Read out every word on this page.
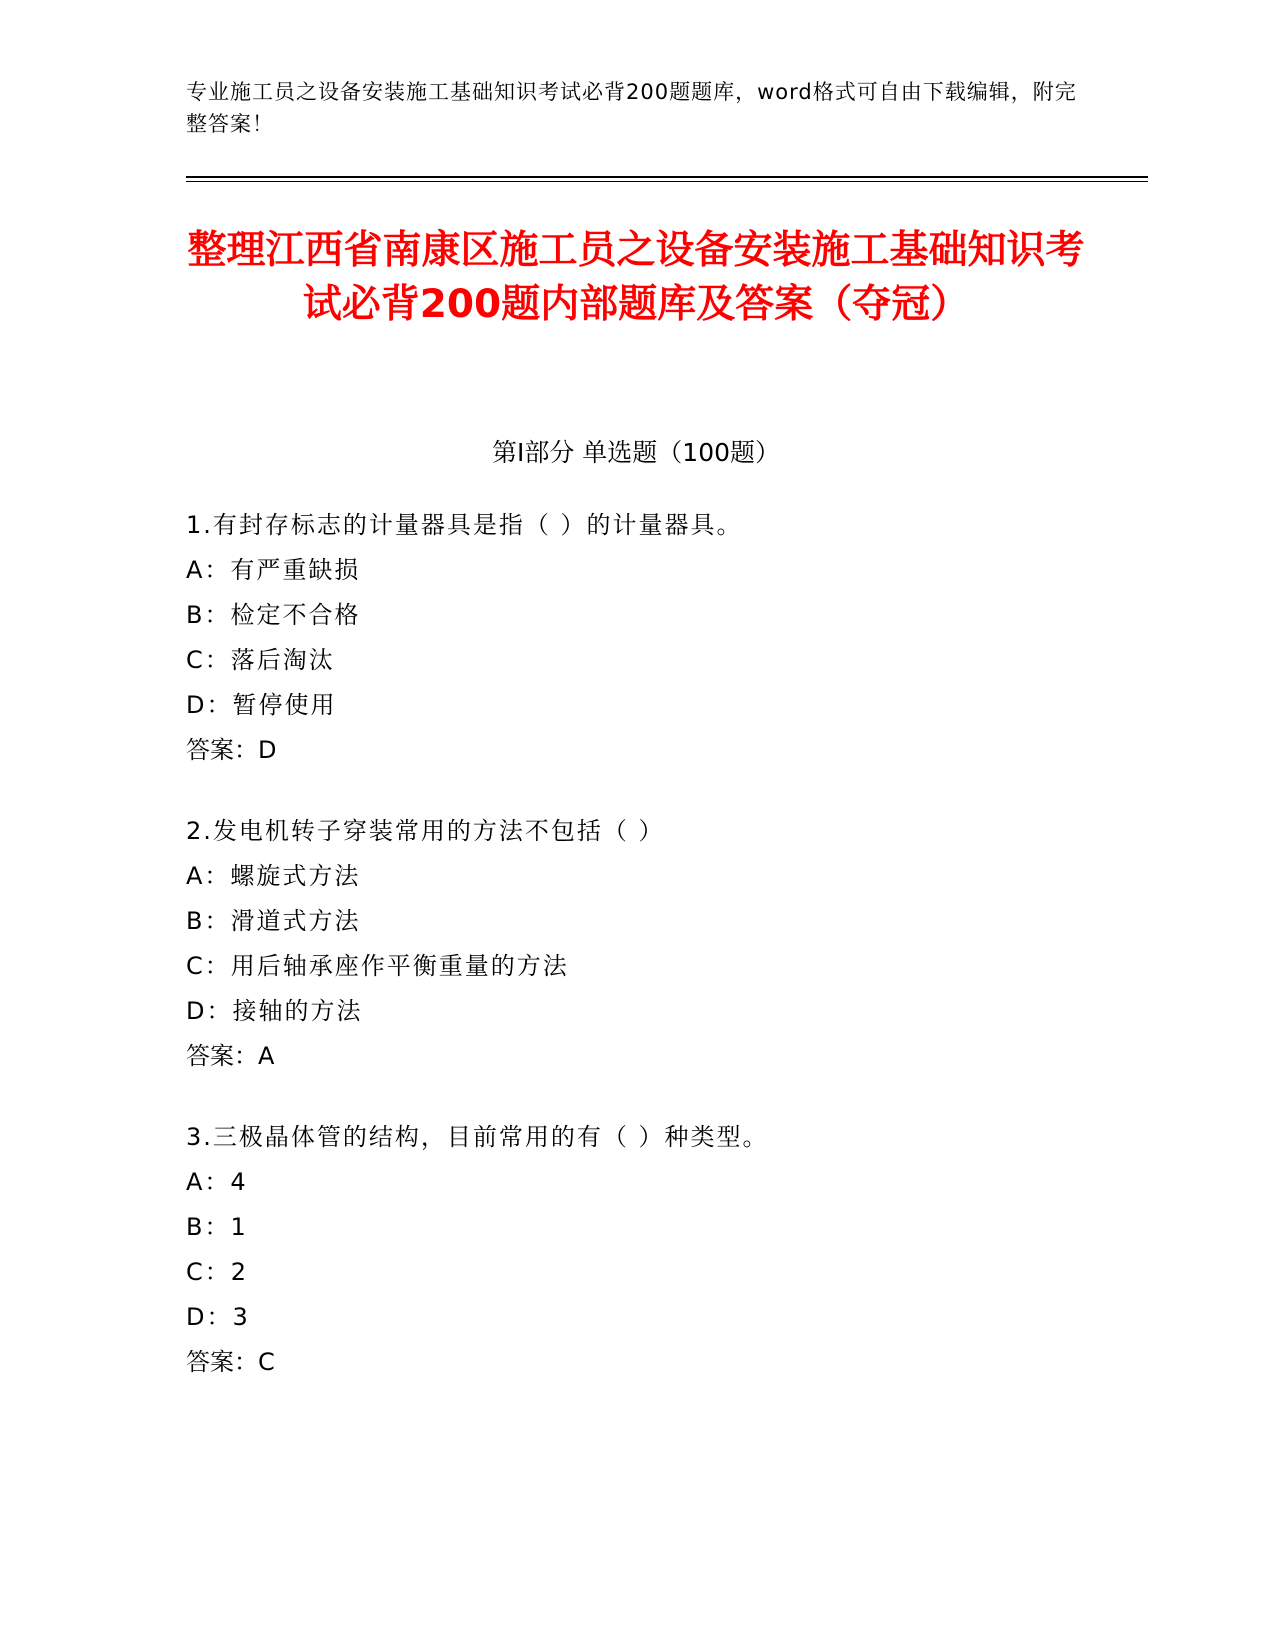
专业施工员之设备安装施工基础知识考试必背200题题库，word格式可自由下载编辑，附完整答案！
整理江西省南康区施工员之设备安装施工基础知识考试必背200题内部题库及答案（夺冠）
第I部分 单选题（100题）
1.有封存标志的计量器具是指（ ）的计量器具。
A：有严重缺损
B：检定不合格
C：落后淘汰
D：暂停使用
答案：D
2.发电机转子穿装常用的方法不包括（ ）
A：螺旋式方法
B：滑道式方法
C：用后轴承座作平衡重量的方法
D：接轴的方法
答案：A
3.三极晶体管的结构，目前常用的有（ ）种类型。
A：4
B：1
C：2
D：3
答案：C
